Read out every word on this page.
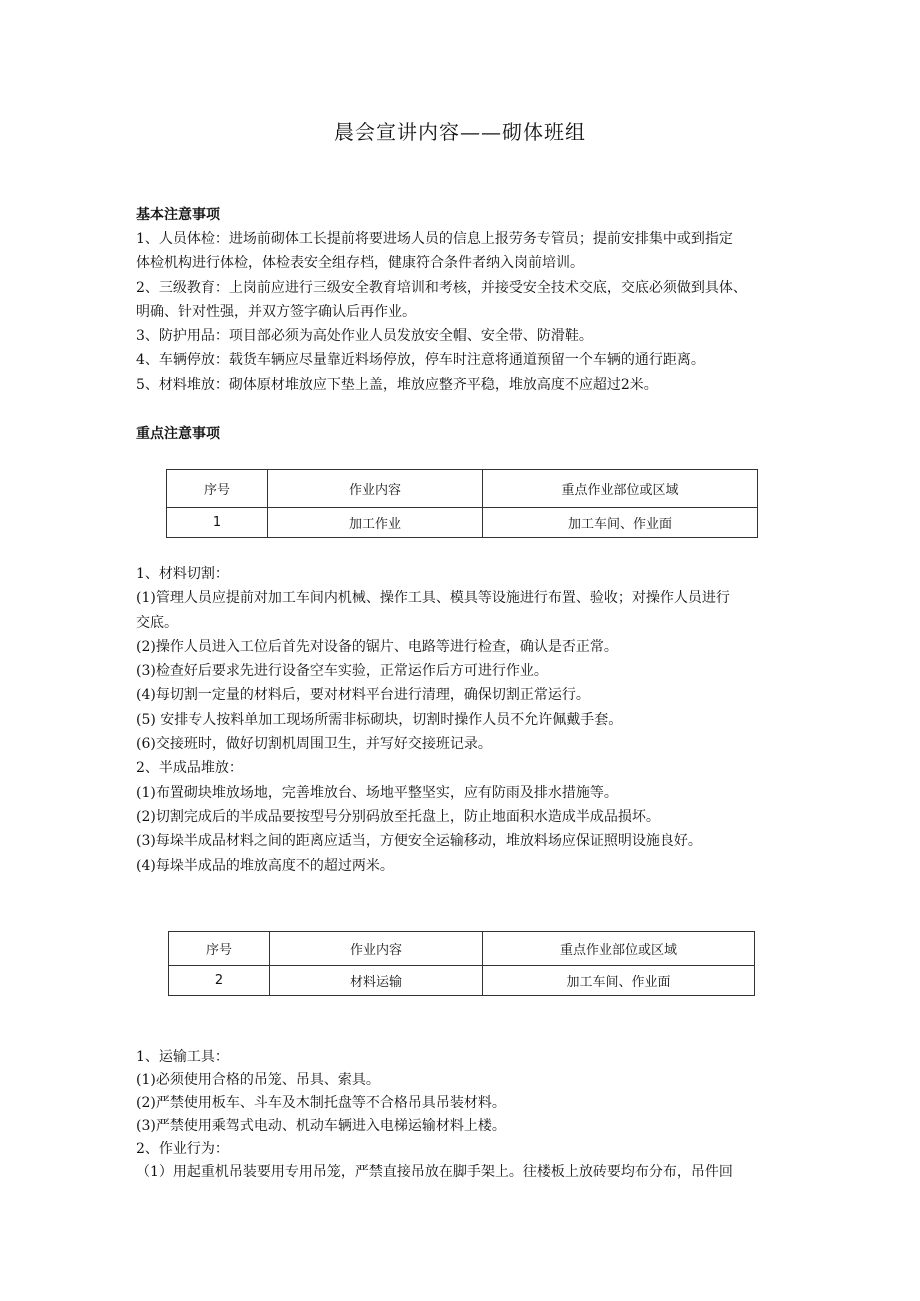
晨会宣讲内容——砌体班组
基本注意事项

1、人员体检：进场前砌体工长提前将要进场人员的信息上报劳务专管员；提前安排集中或到指定

体检机构进行体检，体检表安全组存档，健康符合条件者纳入岗前培训。

2、三级教育：上岗前应进行三级安全教育培训和考核，并接受安全技术交底，交底必须做到具体、

明确、针对性强，并双方签字确认后再作业。

3、防护用品：项目部必须为高处作业人员发放安全帽、安全带、防滑鞋。

4、车辆停放：载货车辆应尽量靠近料场停放，停车时注意将通道预留一个车辆的通行距离。

5、材料堆放：砌体原材堆放应下垫上盖，堆放应整齐平稳，堆放高度不应超过2米。

重点注意事项
序号	作业内容	重点作业部位或区域
1	加工作业	加工车间、作业面

1、材料切割：

(1)管理人员应提前对加工车间内机械、操作工具、模具等设施进行布置、验收；对操作人员进行

交底。

(2)操作人员进入工位后首先对设备的锯片、电路等进行检查，确认是否正常。

(3)检查好后要求先进行设备空车实验，正常运作后方可进行作业。

(4)每切割一定量的材料后，要对材料平台进行清理，确保切割正常运行。

(5) 安排专人按料单加工现场所需非标砌块，切割时操作人员不允许佩戴手套。

(6)交接班时，做好切割机周围卫生，并写好交接班记录。

2、半成品堆放：

(1)布置砌块堆放场地，完善堆放台、场地平整坚实，应有防雨及排水措施等。

(2)切割完成后的半成品要按型号分别码放至托盘上，防止地面积水造成半成品损坏。

(3)每垛半成品材料之间的距离应适当，方便安全运输移动，堆放料场应保证照明设施良好。

(4)每垛半成品的堆放高度不的超过两米。

序号	作业内容	重点作业部位或区域
2	材料运输	加工车间、作业面

1、运输工具：

(1)必须使用合格的吊笼、吊具、索具。

(2)严禁使用板车、斗车及木制托盘等不合格吊具吊装材料。

(3)严禁使用乘驾式电动、机动车辆进入电梯运输材料上楼。

2、作业行为：

（1）用起重机吊装要用专用吊笼，严禁直接吊放在脚手架上。往楼板上放砖要均布分布，吊件回
